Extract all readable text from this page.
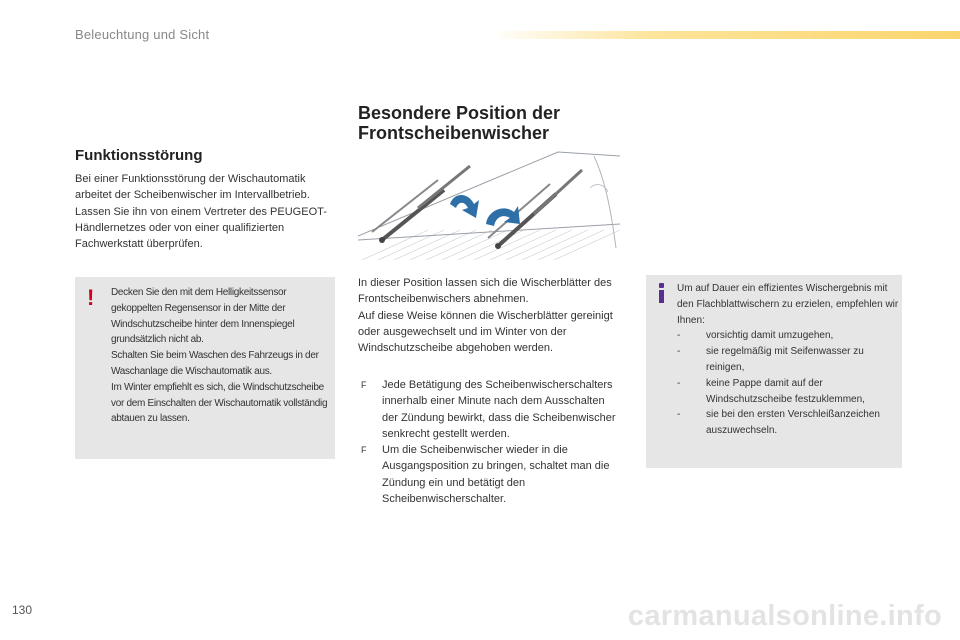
Beleuchtung und Sicht
Funktionsstörung

Bei einer Funktionsstörung der Wischautomatik arbeitet der Scheibenwischer im Intervallbetrieb.

Lassen Sie ihn von einem Vertreter des PEUGEOT-Händlernetzes oder von einer qualifizierten Fachwerkstatt überprüfen.

! Decken Sie den mit dem Helligkeitssensor gekoppelten Regensensor in der Mitte der Windschutzscheibe hinter dem Innenspiegel grundsätzlich nicht ab.

Schalten Sie beim Waschen des Fahrzeugs in der Waschanlage die Wischautomatik aus.

Im Winter empfiehlt es sich, die Windschutzscheibe vor dem Einschalten der Wischautomatik vollständig abtauen zu lassen.

Besondere Position der Frontscheibenwischer

In dieser Position lassen sich die Wischerblätter des Frontscheibenwischers abnehmen.

Auf diese Weise können die Wischerblätter gereinigt oder ausgewechselt und im Winter von der Windschutzscheibe abgehoben werden.

F Jede Betätigung des Scheibenwischerschalters innerhalb einer Minute nach dem Ausschalten der Zündung bewirkt, dass die Scheibenwischer senkrecht gestellt werden.
F Um die Scheibenwischer wieder in die Ausgangsposition zu bringen, schaltet man die Zündung ein und betätigt den Scheibenwischerschalter.

Um auf Dauer ein effizientes Wischergebnis mit den Flachblattwischern zu erzielen, empfehlen wir Ihnen:

-	vorsichtig damit umzugehen,
-	sie regelmäßig mit Seifenwasser zu reinigen,
-	keine Pappe damit auf der Windschutzscheibe festzuklemmen,
-	sie bei den ersten Verschleißanzeichen auszuwechseln.
130	carmanualsonline.info
